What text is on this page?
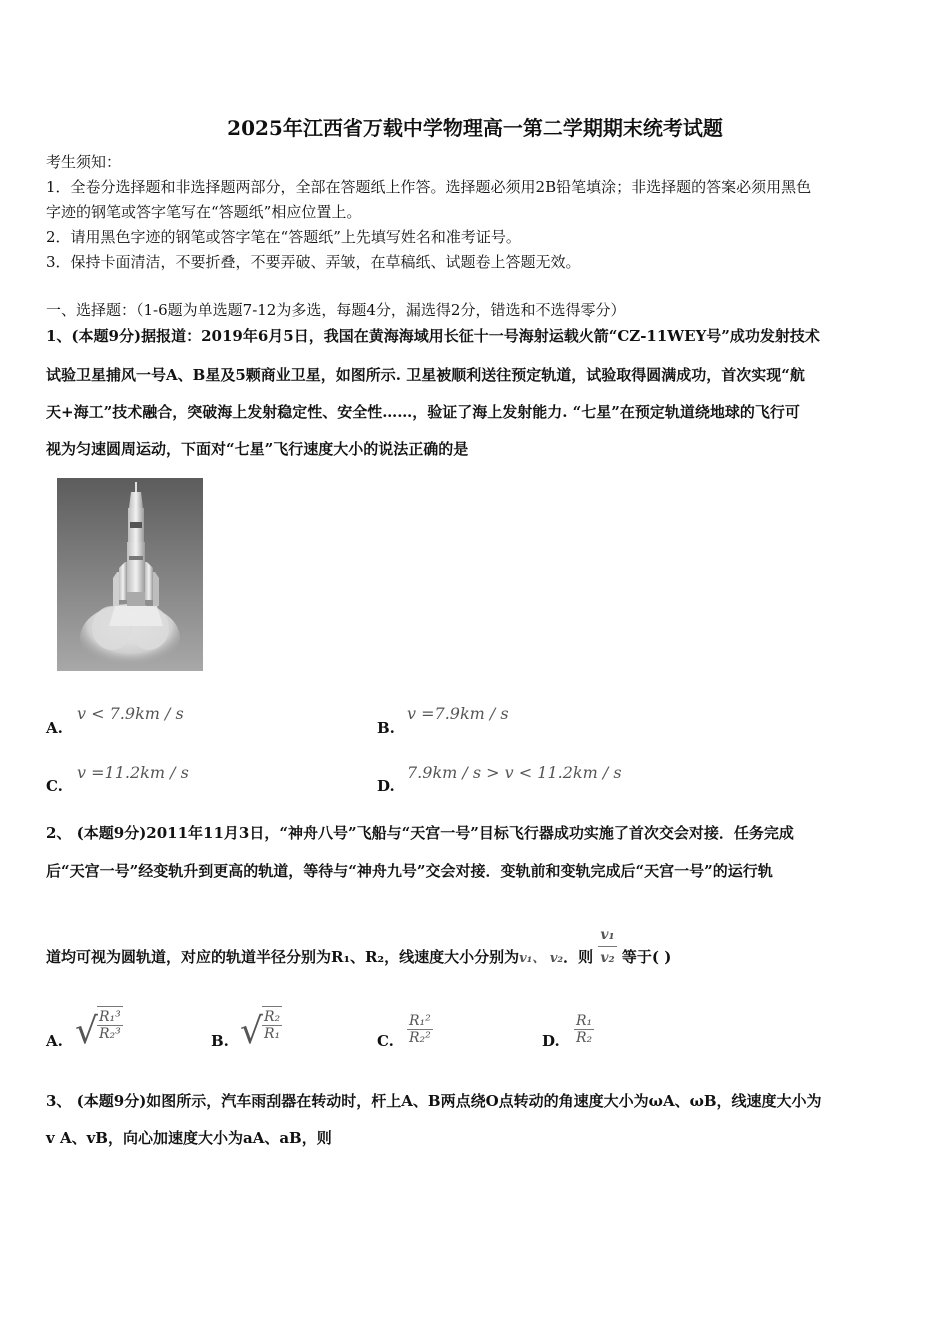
2025年江西省万载中学物理高一第二学期期末统考试题
考生须知：
1．全卷分选择题和非选择题两部分，全部在答题纸上作答。选择题必须用2B铅笔填涂；非选择题的答案必须用黑色
字迹的钢笔或答字笔写在“答题纸”相应位置上。
2．请用黑色字迹的钢笔或答字笔在“答题纸”上先填写姓名和准考证号。
3．保持卡面清洁，不要折叠，不要弄破、弄皱，在草稿纸、试题卷上答题无效。
一、选择题：（1-6题为单选题7-12为多选，每题4分，漏选得2分，错选和不选得零分）
1、(本题9分)据报道：2019年6月5日，我国在黄海海域用长征十一号海射运载火箭“CZ-11WEY号”成功发射技术
试验卫星捕风一号A、B星及5颗商业卫星，如图所示. 卫星被顺利送往预定轨道，试验取得圆满成功，首次实现“航
天+海工”技术融合，突破海上发射稳定性、安全性……，验证了海上发射能力. “七星”在预定轨道绕地球的飞行可
视为匀速圆周运动，下面对“七星”飞行速度大小的说法正确的是
A.
v < 7.9km / s
B.
v =7.9km / s
C.
v =11.2km / s
D.
7.9km / s > v < 11.2km / s
2、 (本题9分)2011年11月3日，“神舟八号”飞船与“天宫一号”目标飞行器成功实施了首次交会对接．任务完成
后“天宫一号”经变轨升到更高的轨道，等待与“神舟九号”交会对接．变轨前和变轨完成后“天宫一号”的运行轨
道均可视为圆轨道，对应的轨道半径分别为R₁、R₂，线速度大小分别为v₁、 v₂．则 $\frac{\text{v₁}}{\text{v₂}}$ 等于( )
A. √ $\frac{\text{R₁³}}{\text{R₂³}}$	B. √ $\frac{\text{R₂}}{\text{R₁}}$	C. $\frac{\text{R₁²}}{\text{R₂²}}$	D. $\frac{\text{R₁}}{\text{R₂}}$
3、 (本题9分)如图所示，汽车雨刮器在转动时，杆上A、B两点绕O点转动的角速度大小为ωA、ωB，线速度大小为
v A、vB，向心加速度大小为aA、aB，则
